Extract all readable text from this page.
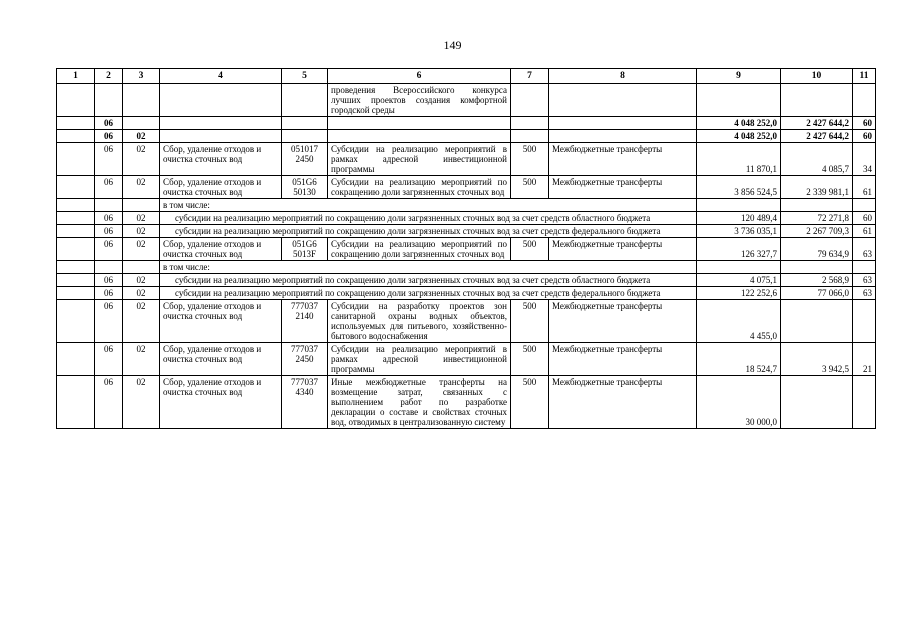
149
1	2	3	4	5	6	7	8	9	10	11
					проведения Всероссийского конкурса лучших проектов создания комфортной городской среды					
	06							4 048 252,0	2 427 644,2	60
	06	02						4 048 252,0	2 427 644,2	60
	06	02	Сбор, удаление отходов и очистка сточных вод	051017 2450	Субсидии на реализацию мероприятий в рамках адресной инвестиционной программы	500	Межбюджетные трансферты	11 870,1	4 085,7	34
	06	02	Сбор, удаление отходов и очистка сточных вод	051G6 50130	Субсидии на реализацию мероприятий по сокращению доли загрязненных сточных вод	500	Межбюджетные трансферты	3 856 524,5	2 339 981,1	61
			в том числе:							
	06	02	субсидии на реализацию мероприятий по сокращению доли загрязненных сточных вод за счет средств областного бюджета					120 489,4	72 271,8	60
	06	02	субсидии на реализацию мероприятий по сокращению доли загрязненных сточных вод за счет средств федерального бюджета					3 736 035,1	2 267 709,3	61
	06	02	Сбор, удаление отходов и очистка сточных вод	051G6 5013F	Субсидии на реализацию мероприятий по сокращению доли загрязненных сточных вод	500	Межбюджетные трансферты	126 327,7	79 634,9	63
			в том числе:							
	06	02	субсидии на реализацию мероприятий по сокращению доли загрязненных сточных вод за счет средств областного бюджета					4 075,1	2 568,9	63
	06	02	субсидии на реализацию мероприятий по сокращению доли загрязненных сточных вод за счет средств федерального бюджета					122 252,6	77 066,0	63
	06	02	Сбор, удаление отходов и очистка сточных вод	777037 2140	Субсидии на разработку проектов зон санитарной охраны водных объектов, используемых для питьевого, хозяйственно-бытового водоснабжения	500	Межбюджетные трансферты	4 455,0		
	06	02	Сбор, удаление отходов и очистка сточных вод	777037 2450	Субсидии на реализацию мероприятий в рамках адресной инвестиционной программы	500	Межбюджетные трансферты	18 524,7	3 942,5	21
	06	02	Сбор, удаление отходов и очистка сточных вод	777037 4340	Иные межбюджетные трансферты на возмещение затрат, связанных с выполнением работ по разработке декларации о составе и свойствах сточных вод, отводимых в централизованную систему	500	Межбюджетные трансферты	30 000,0		
